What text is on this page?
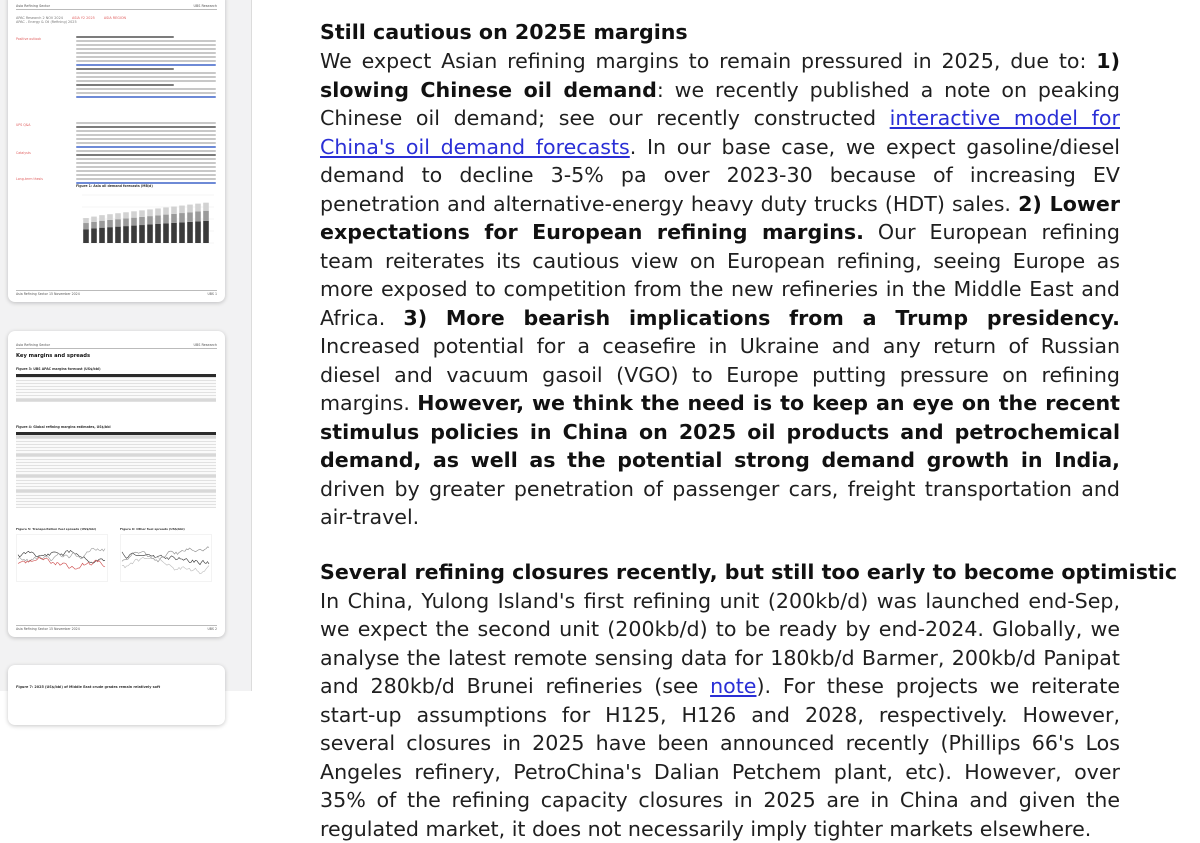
Asia Refining Sector	UBS Research
APAC Research 2 NOV 2024	ASIA Y2 2025	ASIA REGION
APAC - Energy & Oil (Refining) 2025
Positive outlook
UPS Q&A
Catalysts
Long-term thesis
Figure 1: Asia oil demand forecasts (MB/d)
Asia Refining Sector 15 November 2024	UBS 1
Asia Refining Sector	UBS Research
Key margins and spreads
Figure 3: UBS APAC margins forecast (US$/bbl)
Figure 4: Global refining margins estimates, US$/bbl
Figure 5: Transportation fuel spreads (US$/bbl)	Figure 6: Other fuel spreads (US$/bbl)
Asia Refining Sector 15 November 2024	UBS 2
Figure 7: 2025 (US$/bbl) of Middle East crude grades remain relatively soft
Still cautious on 2025E margins

We expect Asian refining margins to remain pressured in 2025, due to: 1) slowing Chinese oil demand: we recently published a note on peaking Chinese oil demand; see our recently constructed interactive model for China's oil demand forecasts. In our base case, we expect gasoline/diesel demand to decline 3-5% pa over 2023-30 because of increasing EV penetration and alternative-energy heavy duty trucks (HDT) sales. 2) Lower expectations for European refining margins. Our European refining team reiterates its cautious view on European refining, seeing Europe as more exposed to competition from the new refineries in the Middle East and Africa. 3) More bearish implications from a Trump presidency. Increased potential for a ceasefire in Ukraine and any return of Russian diesel and vacuum gasoil (VGO) to Europe putting pressure on refining margins. However, we think the need is to keep an eye on the recent stimulus policies in China on 2025 oil products and petrochemical demand, as well as the potential strong demand growth in India, driven by greater penetration of passenger cars, freight transportation and air-travel.

Several refining closures recently, but still too early to become optimistic

In China, Yulong Island's first refining unit (200kb/d) was launched end-Sep, we expect the second unit (200kb/d) to be ready by end-2024. Globally, we analyse the latest remote sensing data for 180kb/d Barmer, 200kb/d Panipat and 280kb/d Brunei refineries (see note). For these projects we reiterate start-up assumptions for H125, H126 and 2028, respectively. However, several closures in 2025 have been announced recently (Phillips 66's Los Angeles refinery, PetroChina's Dalian Petchem plant, etc). However, over 35% of the refining capacity closures in 2025 are in China and given the regulated market, it does not necessarily imply tighter markets elsewhere.
